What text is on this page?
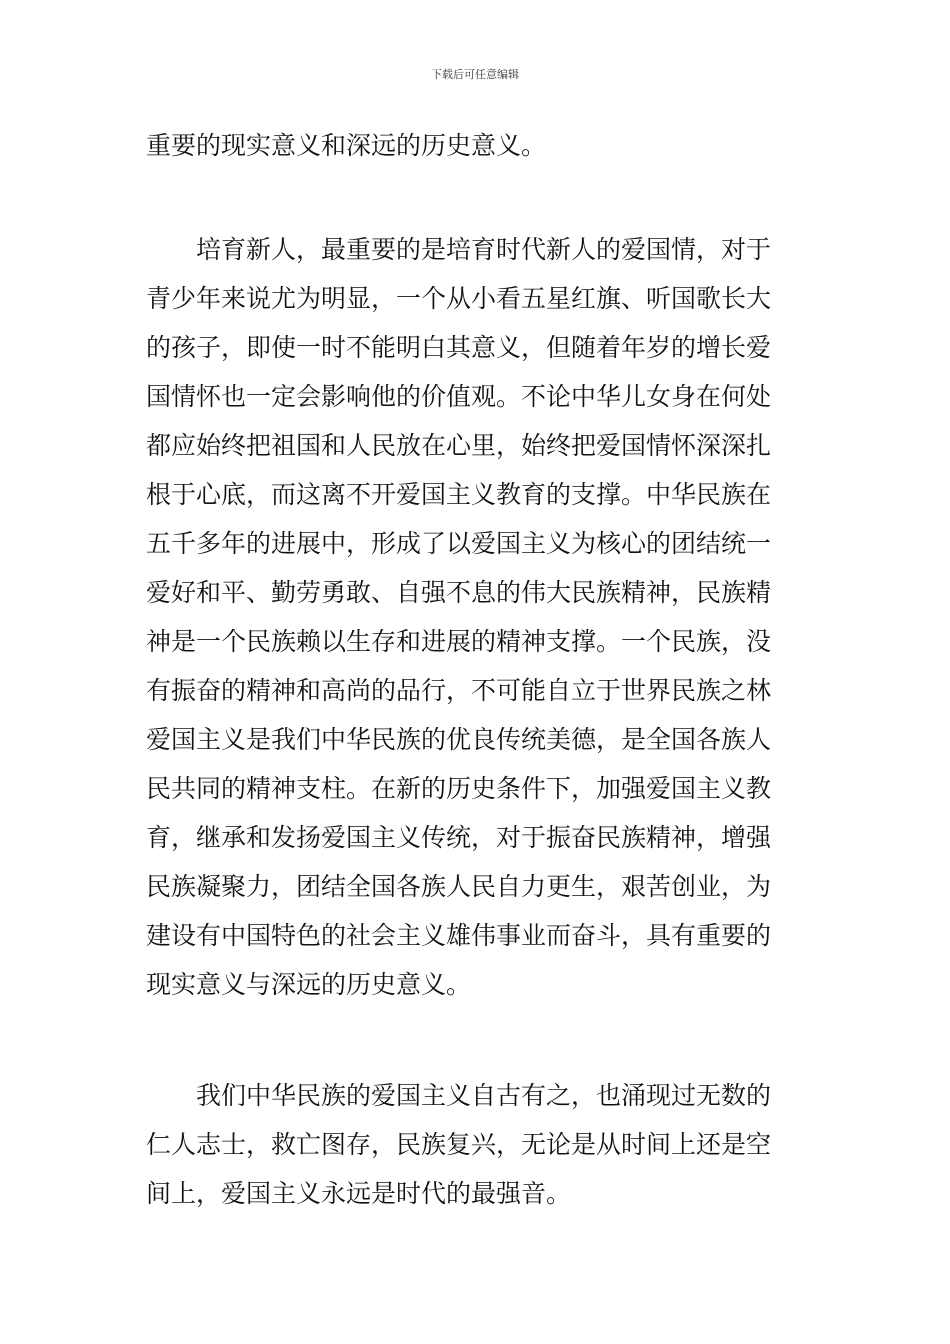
下载后可任意编辑
重要的现实意义和深远的历史意义。
培育新人，最重要的是培育时代新人的爱国情，对于
青少年来说尤为明显，一个从小看五星红旗、听国歌长大
的孩子，即使一时不能明白其意义，但随着年岁的增长爱
国情怀也一定会影响他的价值观。不论中华儿女身在何处
都应始终把祖国和人民放在心里，始终把爱国情怀深深扎
根于心底，而这离不开爱国主义教育的支撑。中华民族在
五千多年的进展中，形成了以爱国主义为核心的团结统一
爱好和平、勤劳勇敢、自强不息的伟大民族精神，民族精
神是一个民族赖以生存和进展的精神支撑。一个民族，没
有振奋的精神和高尚的品行，不可能自立于世界民族之林
爱国主义是我们中华民族的优良传统美德，是全国各族人
民共同的精神支柱。在新的历史条件下，加强爱国主义教
育，继承和发扬爱国主义传统，对于振奋民族精神，增强
民族凝聚力，团结全国各族人民自力更生，艰苦创业，为
建设有中国特色的社会主义雄伟事业而奋斗，具有重要的
现实意义与深远的历史意义。
我们中华民族的爱国主义自古有之，也涌现过无数的
仁人志士，救亡图存，民族复兴，无论是从时间上还是空
间上，爱国主义永远是时代的最强音。
